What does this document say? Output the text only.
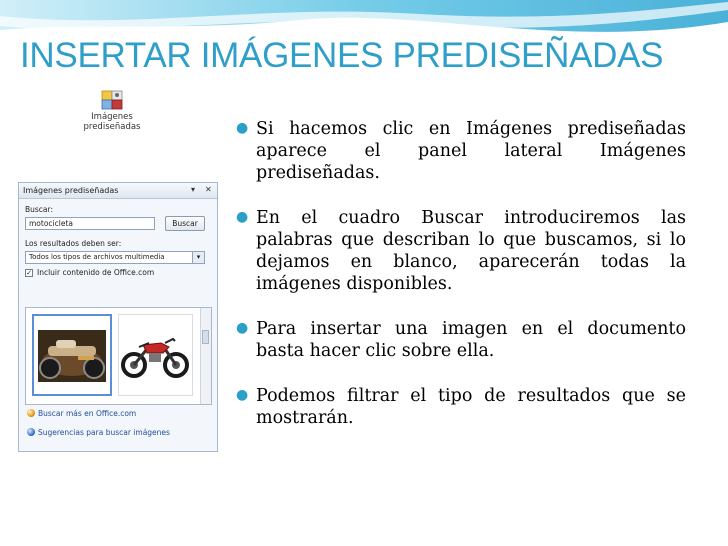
INSERTAR IMÁGENES PREDISEÑADAS
Imágenes
prediseñadas
Imágenes prediseñadas	▾ ✕
Buscar:
motocicleta	Buscar
Los resultados deben ser:
Todos los tipos de archivos multimedia	▾
✓ Incluir contenido de Office.com
Buscar más en Office.com
Sugerencias para buscar imágenes

● Si hacemos clic en Imágenes prediseñadas aparece el panel lateral Imágenes prediseñadas.

● En el cuadro Buscar introduciremos las palabras que describan lo que buscamos, si lo dejamos en blanco, aparecerán todas la imágenes disponibles.

● Para insertar una imagen en el documento basta hacer clic sobre ella.

● Podemos filtrar el tipo de resultados que se mostrarán.
